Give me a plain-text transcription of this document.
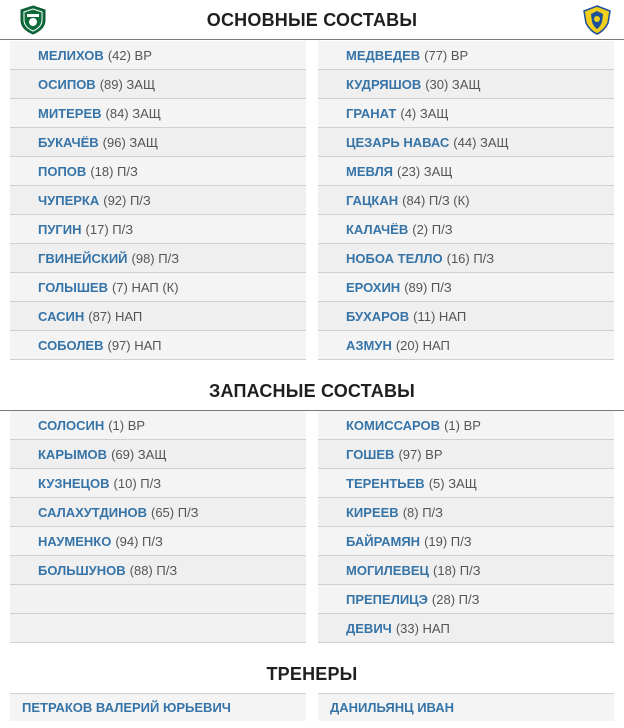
ОСНОВНЫЕ СОСТАВЫ
МЕЛИХОВ (42) ВР
ОСИПОВ (89) ЗАЩ
МИТЕРЕВ (84) ЗАЩ
БУКАЧЁВ (96) ЗАЩ
ПОПОВ (18) П/З
ЧУПЕРКА (92) П/З
ПУГИН (17) П/З
ГВИНЕЙСКИЙ (98) П/З
ГОЛЫШЕВ (7) НАП (К)
САСИН (87) НАП
СОБОЛЕВ (97) НАП
МЕДВЕДЕВ (77) ВР
КУДРЯШОВ (30) ЗАЩ
ГРАНАТ (4) ЗАЩ
ЦЕЗАРЬ НАВАС (44) ЗАЩ
МЕВЛЯ (23) ЗАЩ
ГАЦКАН (84) П/З (К)
КАЛАЧЁВ (2) П/З
НОБОА ТЕЛЛО (16) П/З
ЕРОХИН (89) П/З
БУХАРОВ (11) НАП
АЗМУН (20) НАП
ЗАПАСНЫЕ СОСТАВЫ
СОЛОСИН (1) ВР
КАРЫМОВ (69) ЗАЩ
КУЗНЕЦОВ (10) П/З
САЛАХУТДИНОВ (65) П/З
НАУМЕНКО (94) П/З
БОЛЬШУНОВ (88) П/З
КОМИССАРОВ (1) ВР
ГОШЕВ (97) ВР
ТЕРЕНТЬЕВ (5) ЗАЩ
КИРЕЕВ (8) П/З
БАЙРАМЯН (19) П/З
МОГИЛЕВЕЦ (18) П/З
ПРЕПЕЛИЦЭ (28) П/З
ДЕВИЧ (33) НАП
ТРЕНЕРЫ
ПЕТРАКОВ ВАЛЕРИЙ ЮРЬЕВИЧ	ДАНИЛЬЯНЦ ИВАН
